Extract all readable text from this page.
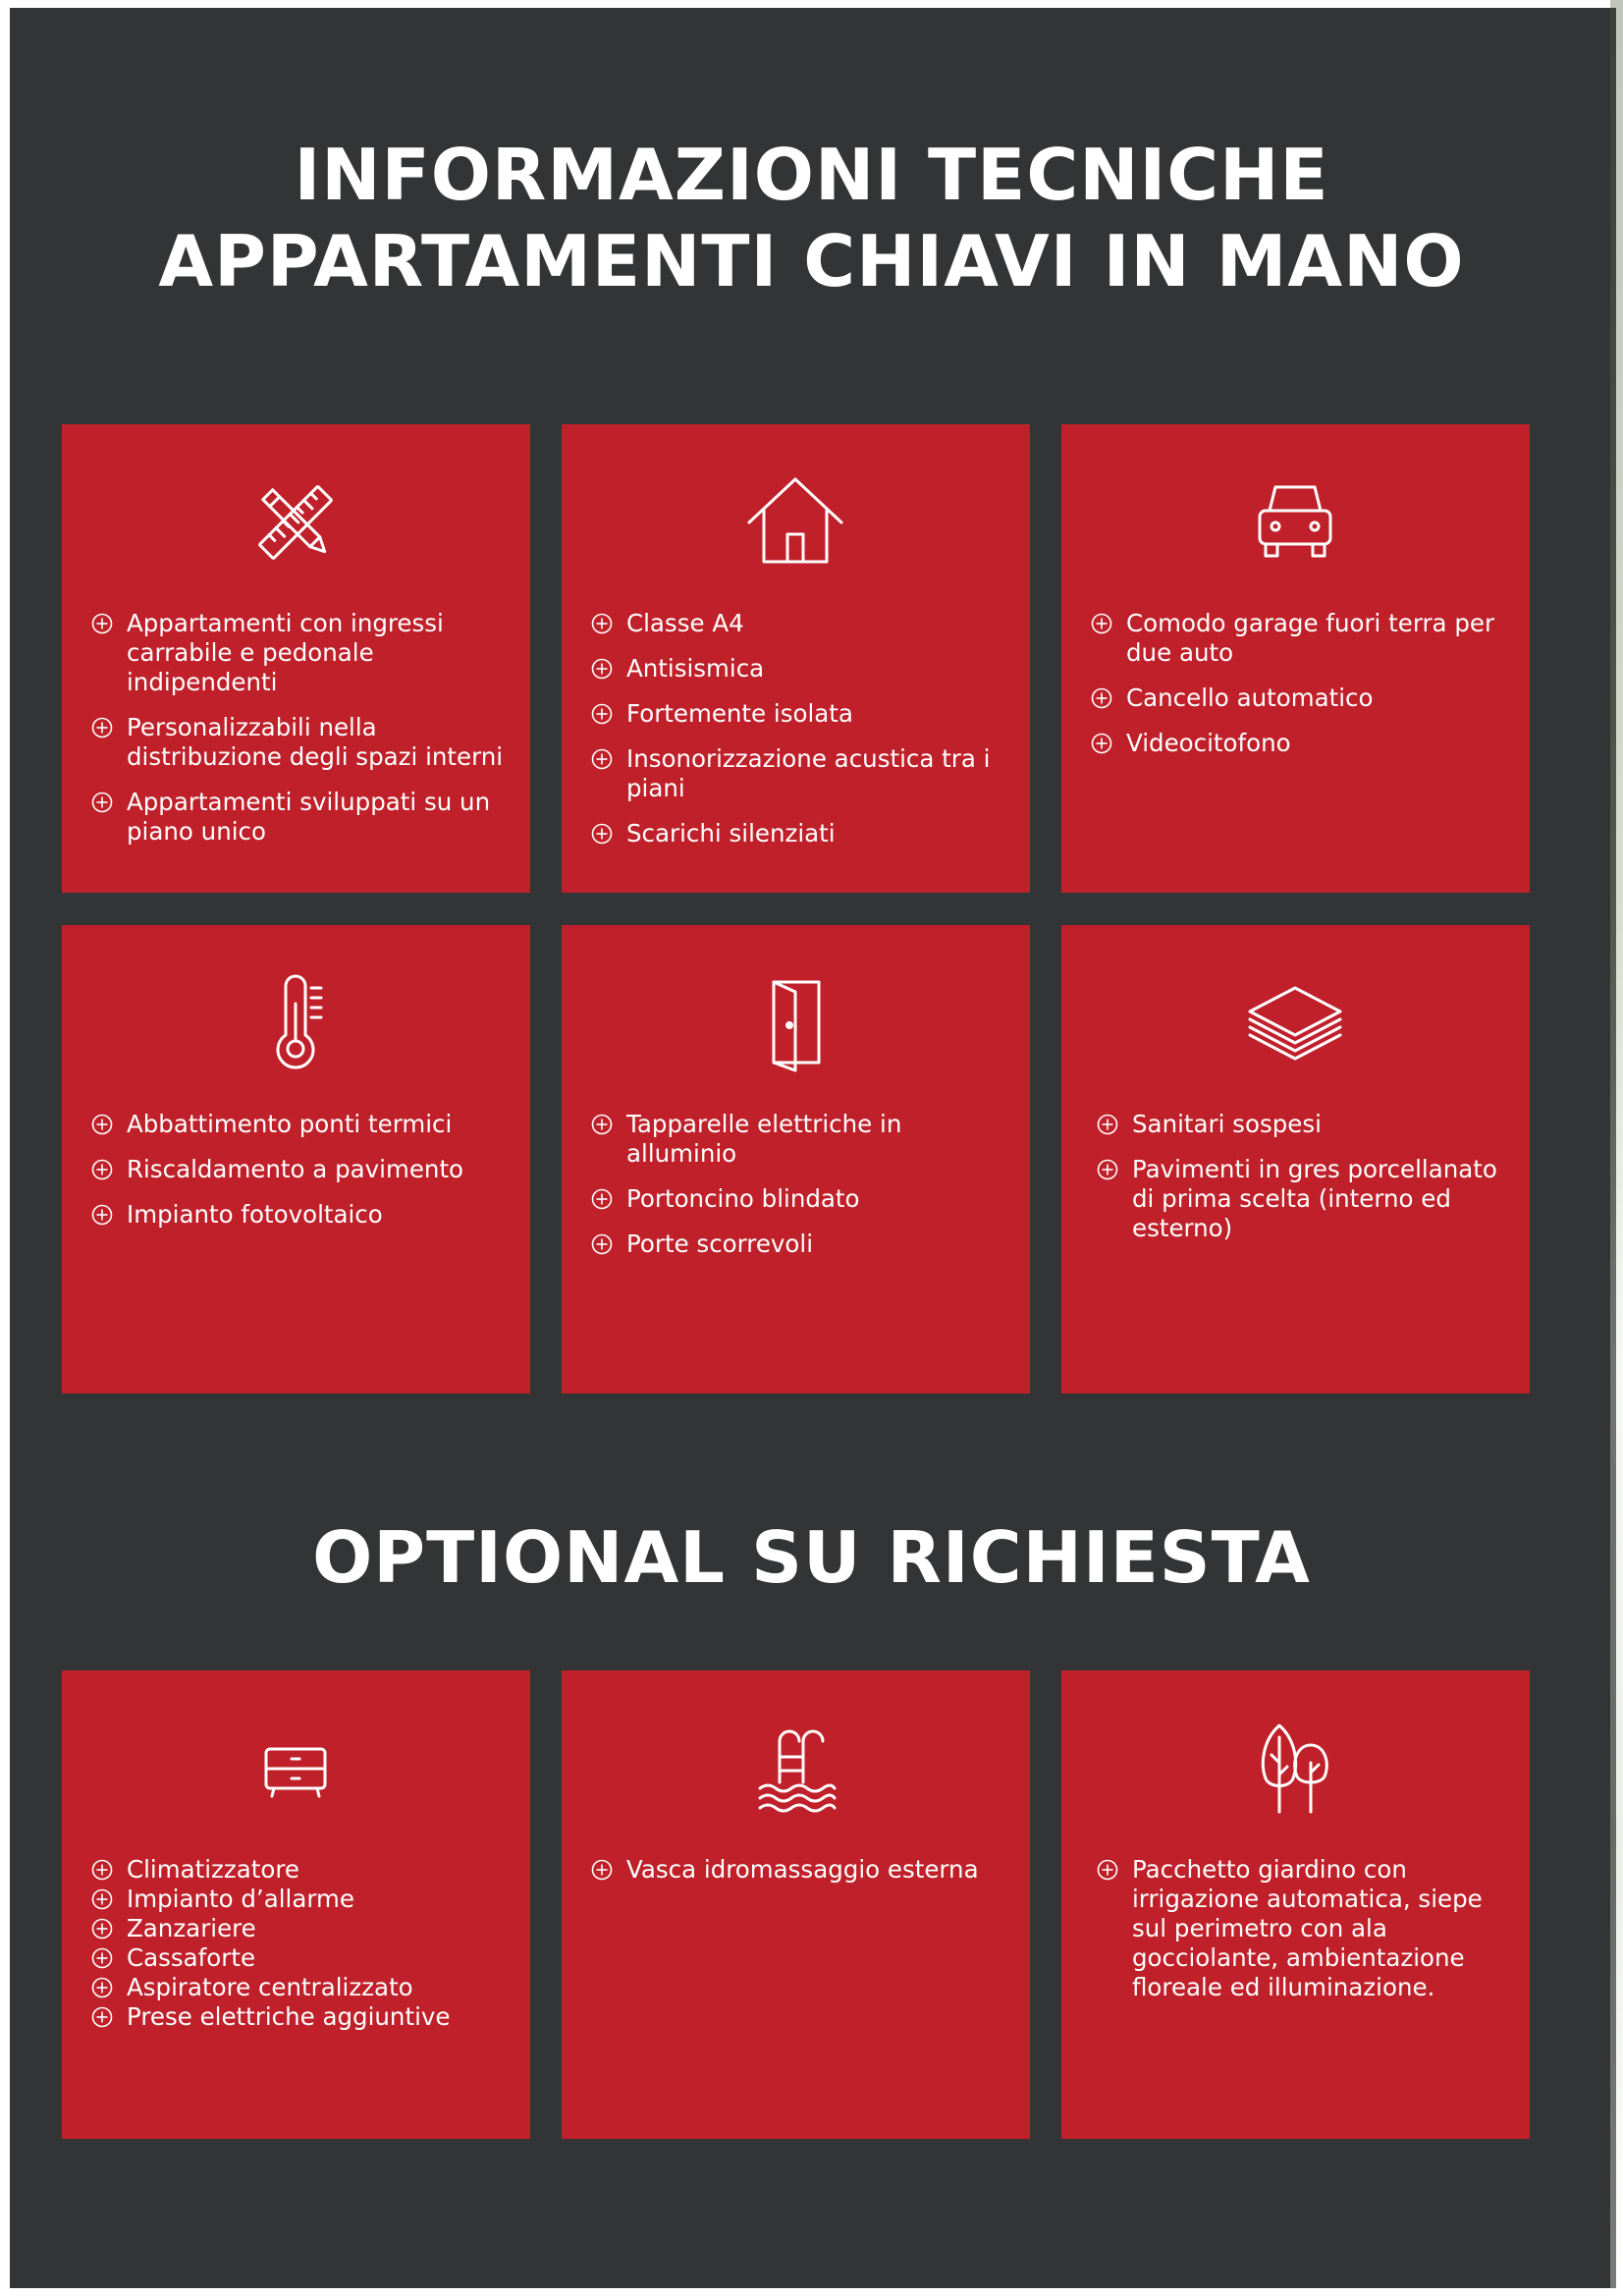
INFORMAZIONI TECNICHE
APPARTAMENTI CHIAVI IN MANO
Appartamenti con ingressi carrabile e pedonale indipendenti
Personalizzabili nella distribuzione degli spazi interni
Appartamenti sviluppati su un piano unico
Classe A4
Antisismica
Fortemente isolata
Insonorizzazione acustica tra i piani
Scarichi silenziati
Comodo garage fuori terra per due auto
Cancello automatico
Videocitofono
Abbattimento ponti termici
Riscaldamento a pavimento
Impianto fotovoltaico
Tapparelle elettriche in alluminio
Portoncino blindato
Porte scorrevoli
Sanitari sospesi
Pavimenti in gres porcellanato di prima scelta (interno ed esterno)
OPTIONAL SU RICHIESTA
Climatizzatore
Impianto d’allarme
Zanzariere
Cassaforte
Aspiratore centralizzato
Prese elettriche aggiuntive
Vasca idromassaggio esterna	Pacchetto giardino con irrigazione automatica, siepe sul perimetro con ala gocciolante, ambientazione floreale ed illuminazione.
